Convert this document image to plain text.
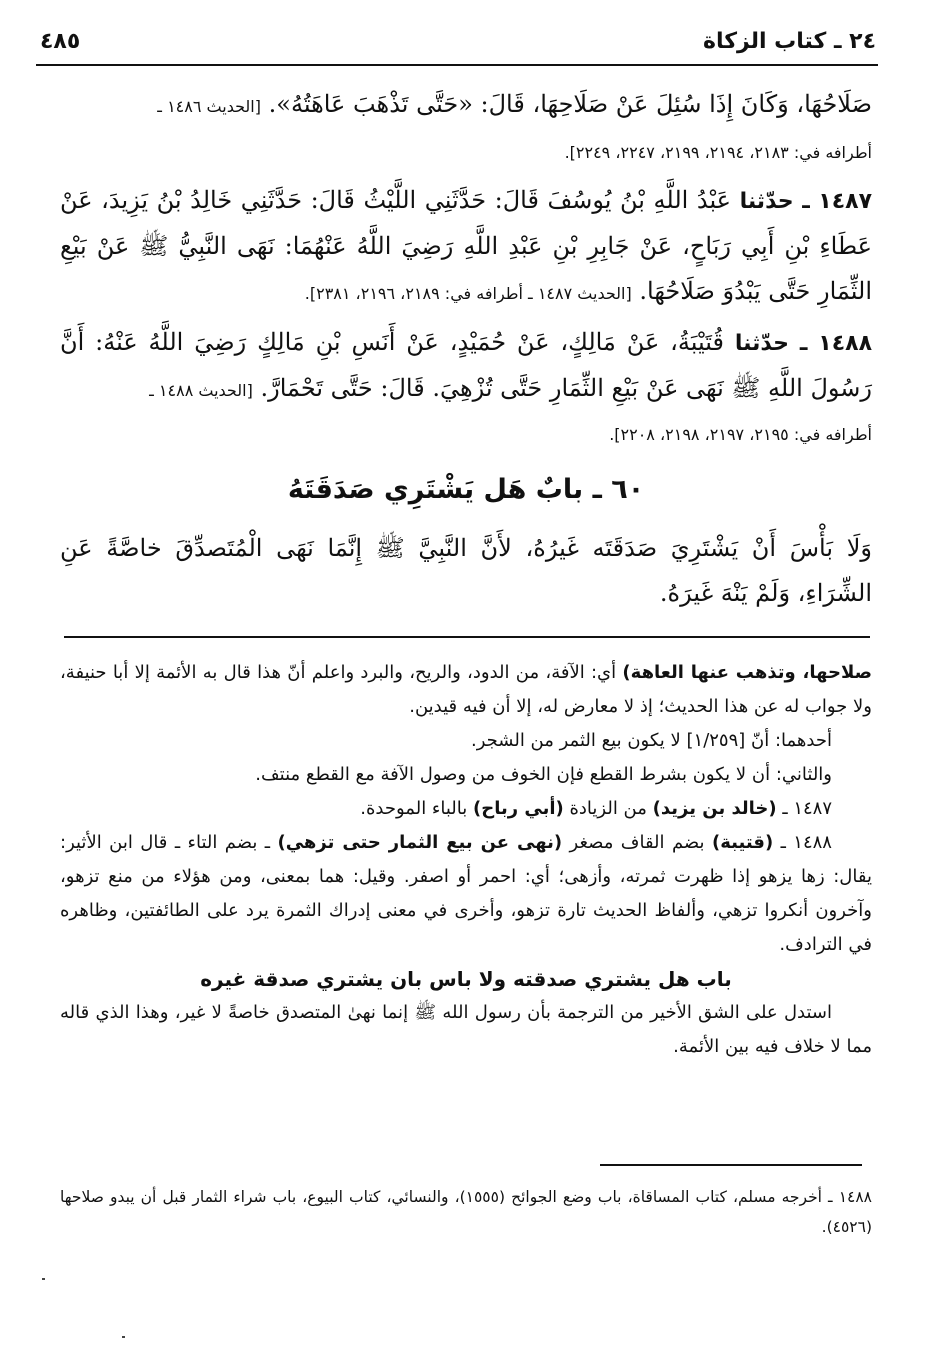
٤٨٥	٢٤ ـ كتاب الزكاة
صَلَاحُهَا، وَكَانَ إِذَا سُئِلَ عَنْ صَلَاحِهَا، قَالَ: «حَتَّى تَذْهَبَ عَاهَتُهُ». [الحديث ١٤٨٦ ـ
أطرافه في: ٢١٨٣، ٢١٩٤، ٢١٩٩، ٢٢٤٧، ٢٢٤٩].
١٤٨٧ ـ حدّثنا عَبْدُ اللَّهِ بْنُ يُوسُفَ قَالَ: حَدَّثَنِي اللَّيْثُ قَالَ: حَدَّثَنِي خَالِدُ بْنُ يَزِيدَ، عَنْ عَطَاءِ بْنِ أَبِي رَبَاحٍ، عَنْ جَابِرِ بْنِ عَبْدِ اللَّهِ رَضِيَ اللَّهُ عَنْهُمَا: نَهَى النَّبِيُّ ﷺ عَنْ بَيْعِ الثِّمَارِ حَتَّى يَبْدُوَ صَلَاحُهَا. [الحديث ١٤٨٧ ـ أطرافه في: ٢١٨٩، ٢١٩٦، ٢٣٨١].
١٤٨٨ ـ حدّثنا قُتَيْبَةُ، عَنْ مَالِكٍ، عَنْ حُمَيْدٍ، عَنْ أَنَسِ بْنِ مَالِكٍ رَضِيَ اللَّهُ عَنْهُ: أَنَّ رَسُولَ اللَّهِ ﷺ نَهَى عَنْ بَيْعِ الثِّمَارِ حَتَّى تُزْهِيَ. قَالَ: حَتَّى تَحْمَارَّ. [الحديث ١٤٨٨ ـ
أطرافه في: ٢١٩٥، ٢١٩٧، ٢١٩٨، ٢٢٠٨].
٦٠ ـ بابٌ هَل يَشْتَرِي صَدَقَتَهُ
وَلَا بَأْسَ أَنْ يَشْتَرِيَ صَدَقَتَه غَيرُهُ، لأَنَّ النَّبِيَّ ﷺ إِنَّمَا نَهَى الْمُتَصدِّقَ خاصَّةً عَنِ الشِّرَاءِ، وَلَمْ يَنْهَ غَيرَهُ.
صلاحها، وتذهب عنها العاهة) أي: الآفة، من الدود، والريح، والبرد واعلم أنّ هذا قال به الأئمة إلا أبا حنيفة، ولا جواب له عن هذا الحديث؛ إذ لا معارض له، إلا أن فيه قيدين.
أحدهما: أنّ [١/٢٥٩] لا يكون بيع الثمر من الشجر.
والثاني: أن لا يكون بشرط القطع فإن الخوف من وصول الآفة مع القطع منتف.
١٤٨٧ ـ (خالد بن يزيد) من الزيادة (أبي رباح) بالباء الموحدة.
١٤٨٨ ـ (قتيبة) بضم القاف مصغر (نهى عن بيع الثمار حتى تزهي) ـ بضم التاء ـ قال ابن الأثير: يقال: زها يزهو إذا ظهرت ثمرته، وأزهى؛ أي: احمر أو اصفر. وقيل: هما بمعنى، ومن هؤلاء من منع تزهو، وآخرون أنكروا تزهي، وألفاظ الحديث تارة تزهو، وأخرى في معنى إدراك الثمرة يرد على الطائفتين، وظاهره في الترادف.
باب هل يشتري صدقته ولا باس بان يشتري صدقة غيره
استدل على الشق الأخير من الترجمة بأن رسول الله ﷺ إنما نهىٰ المتصدق خاصةً لا غير، وهذا الذي قاله مما لا خلاف فيه بين الأئمة.
١٤٨٨ ـ أخرجه مسلم، كتاب المساقاة، باب وضع الجوائح (١٥٥٥)، والنسائي، كتاب البيوع، باب شراء الثمار قبل أن يبدو صلاحها (٤٥٢٦).
